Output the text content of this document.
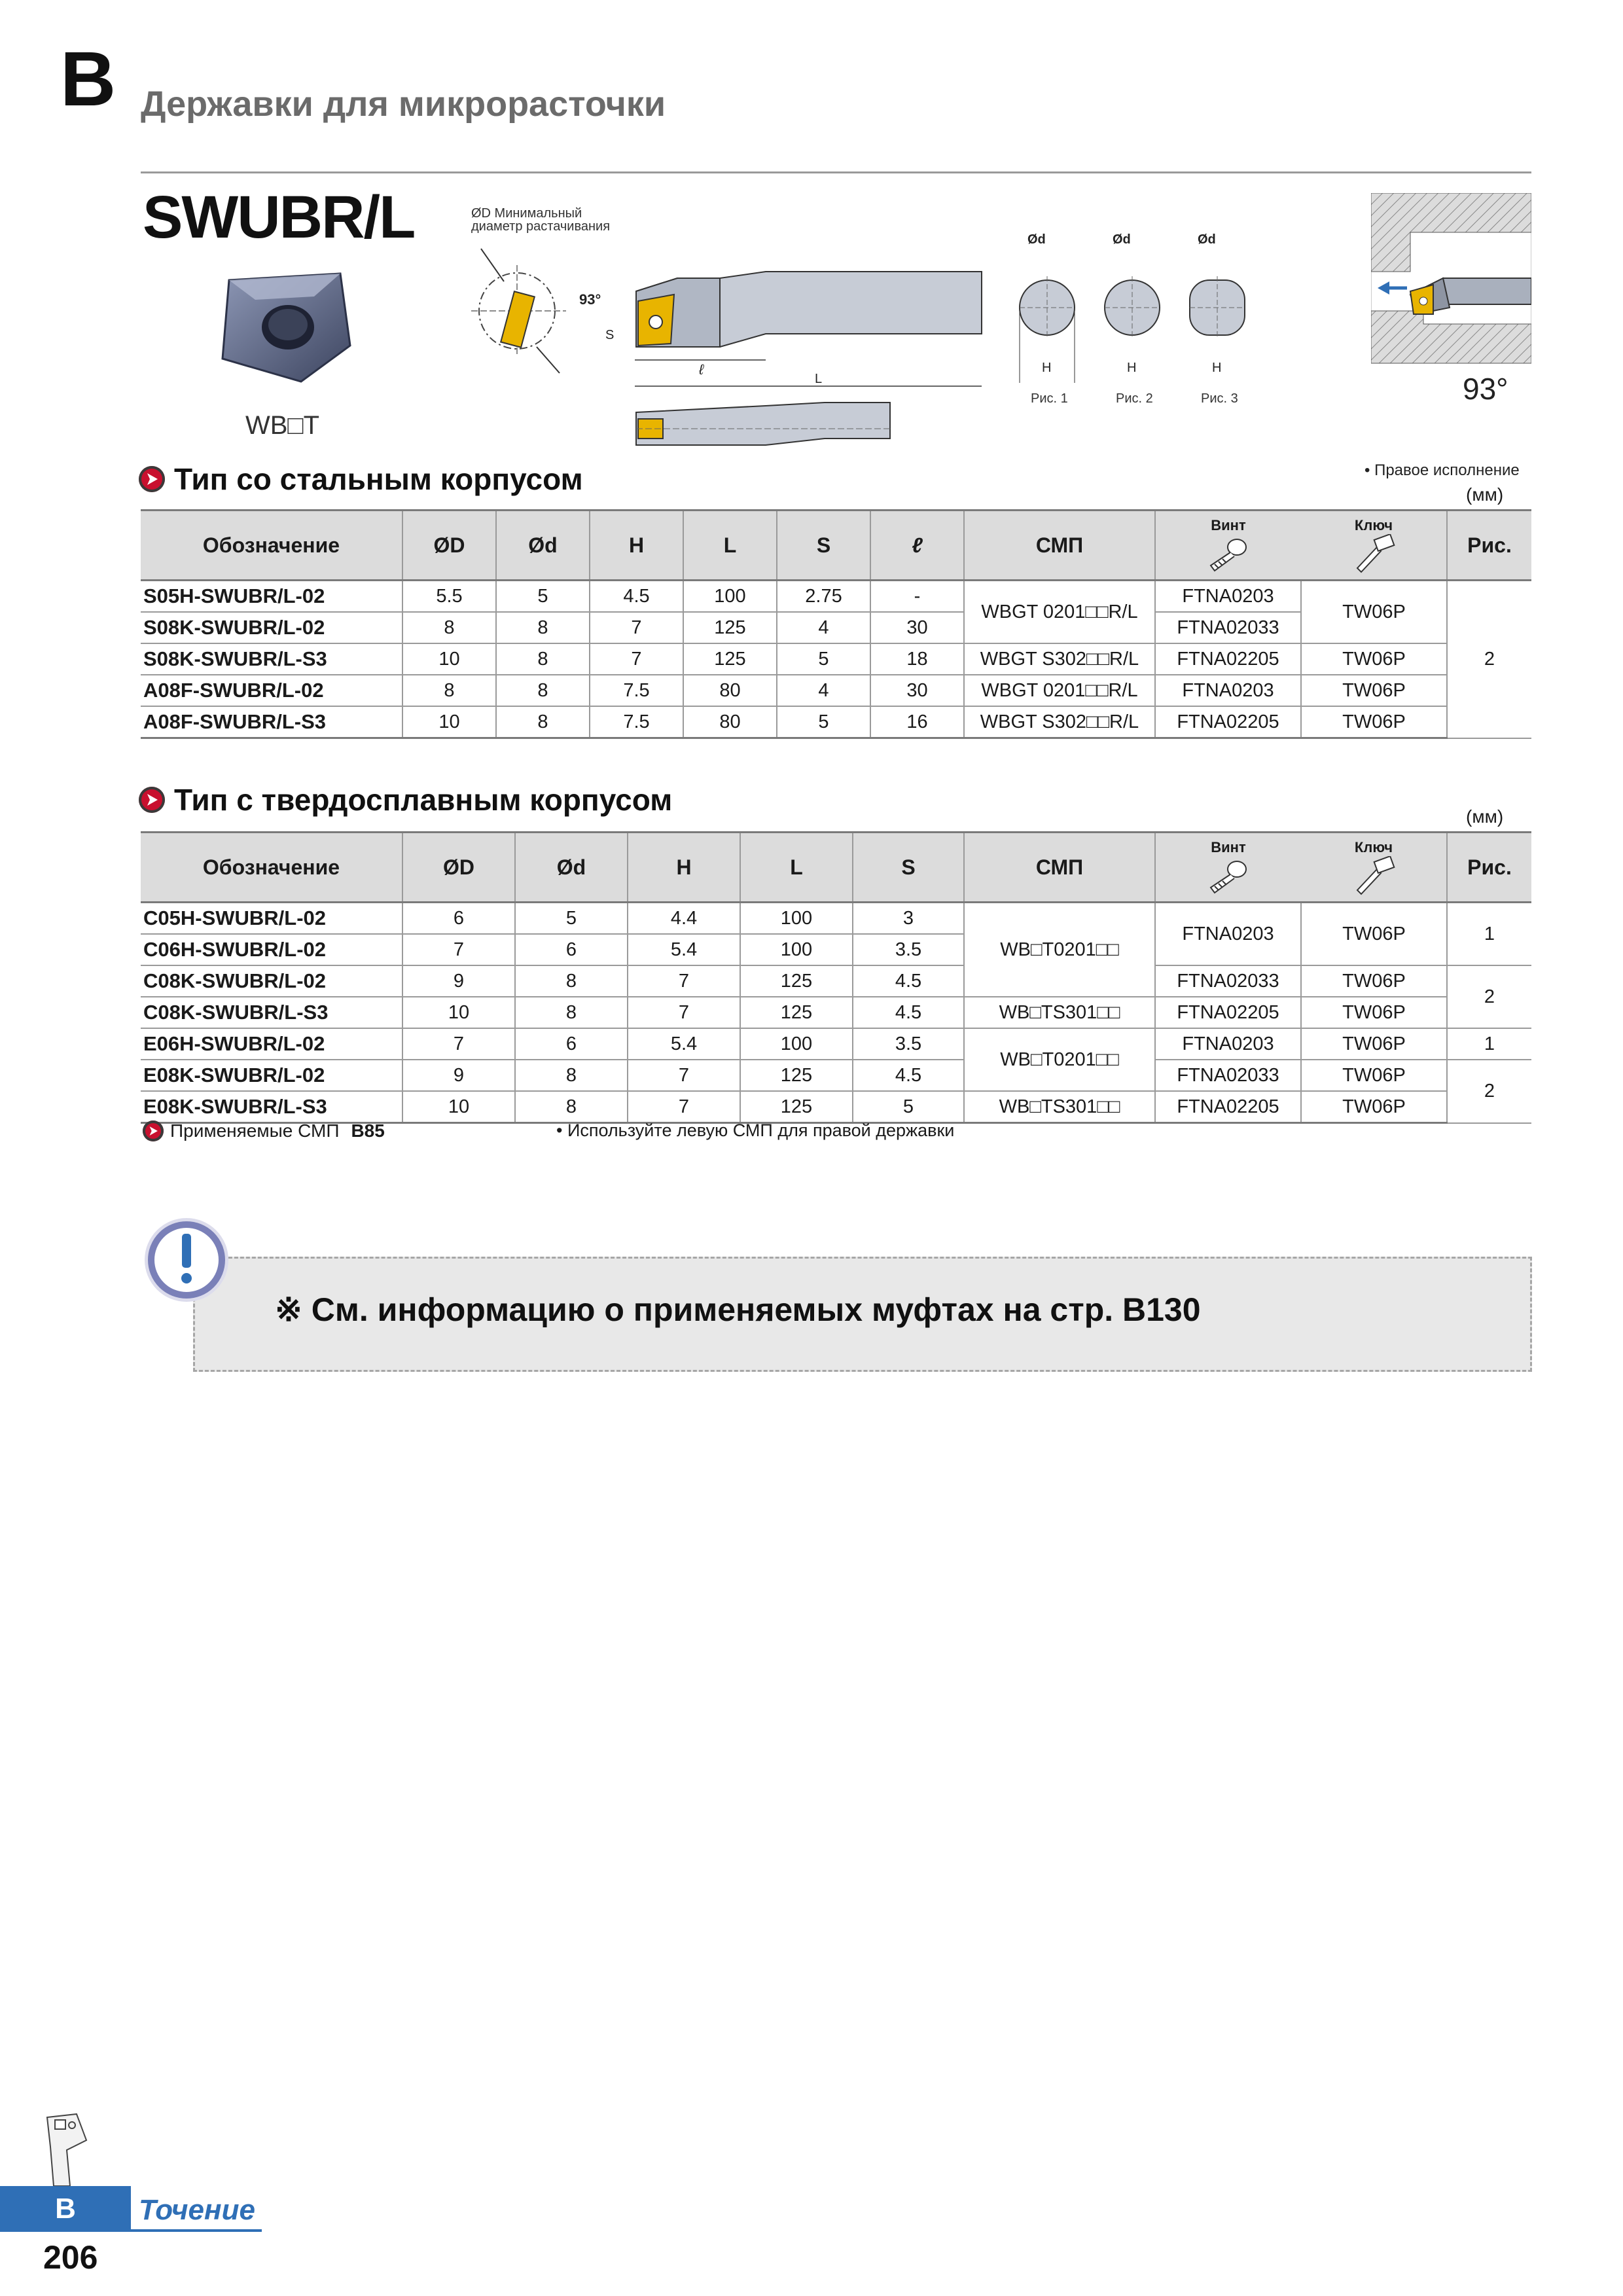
B Державки для микрорасточки
SWUBR/L
WB□T
ØD Минимальный
диаметр растачивания
93°
S
ℓ
L
Ød
H
Рис. 1
Ød
H
Рис. 2
Ød
H
Рис. 3	93°
Тип со стальным корпусом	• Правое исполнение
(мм)
Обозначение	ØD	Ød	H	L	S	ℓ	СМП	Винт Ключ		Рис.
S05H-SWUBR/L-02	5.5	5	4.5	100	2.75	-	WBGT 0201□□R/L	FTNA0203	TW06P	2
S08K-SWUBR/L-02	8	8	7	125	4	30		FTNA02033		
S08K-SWUBR/L-S3	10	8	7	125	5	18	WBGT S302□□R/L	FTNA02205	TW06P	
A08F-SWUBR/L-02	8	8	7.5	80	4	30	WBGT 0201□□R/L	FTNA0203	TW06P	
A08F-SWUBR/L-S3	10	8	7.5	80	5	16	WBGT S302□□R/L	FTNA02205	TW06P	
Тип с твердосплавным корпусом	(мм)
Обозначение	ØD	Ød	H	L	S	СМП	Винт Ключ		Рис.
C05H-SWUBR/L-02	6	5	4.4	100	3	WB□T0201□□	FTNA0203	TW06P	1
C06H-SWUBR/L-02	7	6	5.4	100	3.5				
C08K-SWUBR/L-02	9	8	7	125	4.5		FTNA02033	TW06P	2
C08K-SWUBR/L-S3	10	8	7	125	4.5	WB□TS301□□	FTNA02205	TW06P	
E06H-SWUBR/L-02	7	6	5.4	100	3.5	WB□T0201□□	FTNA0203	TW06P	1
E08K-SWUBR/L-02	9	8	7	125	4.5		FTNA02033	TW06P	2
E08K-SWUBR/L-S3	10	8	7	125	5	WB□TS301□□	FTNA02205	TW06P	
Применяемые СМП B85	• Используйте левую СМП для правой державки
※ См. информацию о применяемых муфтах на стр. B130
B	Точение
206
